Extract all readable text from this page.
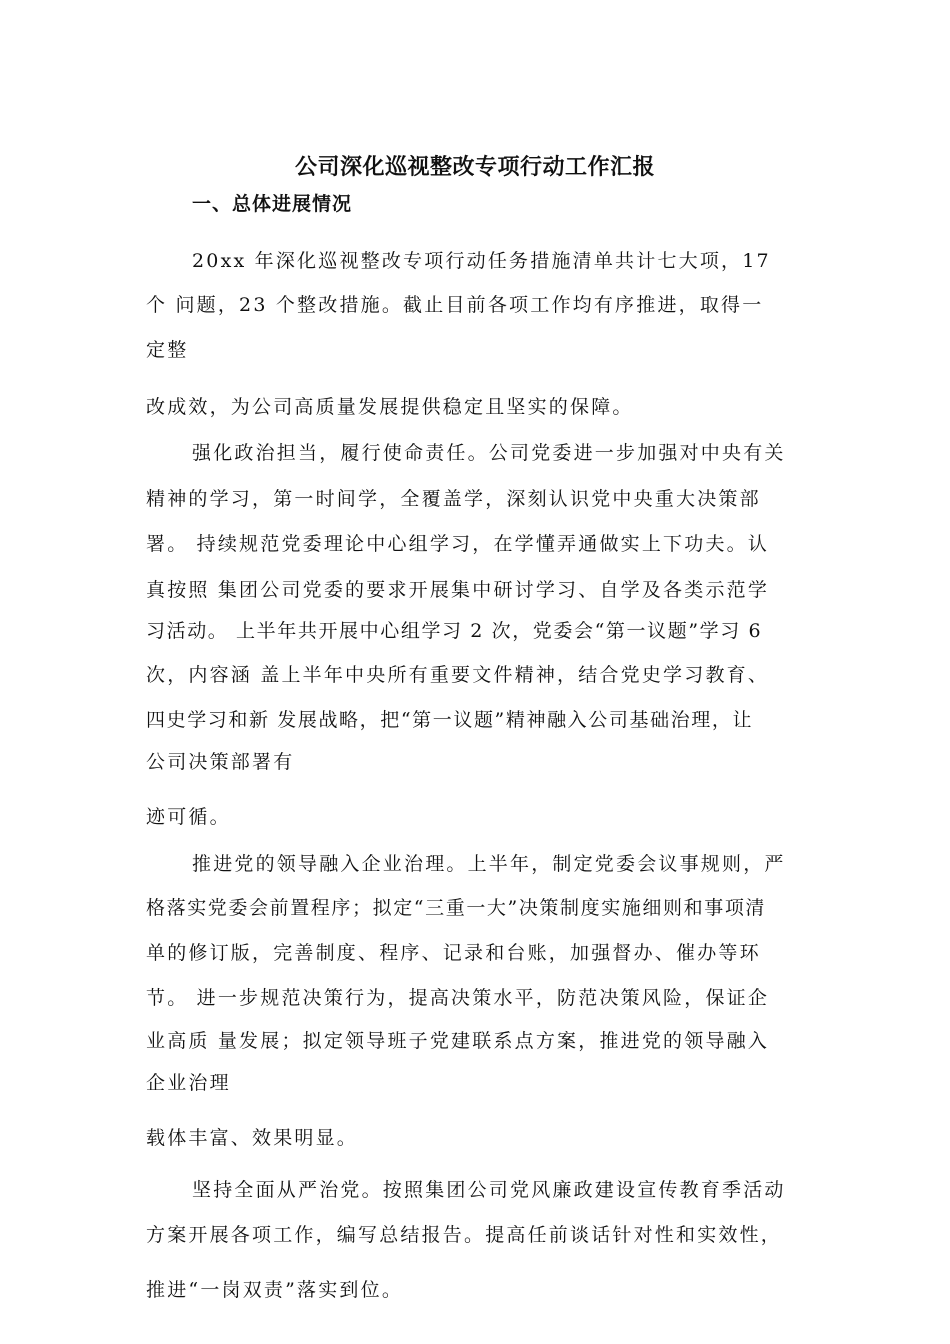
公司深化巡视整改专项行动工作汇报
一、总体进展情况
20xx 年深化巡视整改专项行动任务措施清单共计七大项，17
个 问题，23 个整改措施。截止目前各项工作均有序推进，取得一
定整
改成效，为公司高质量发展提供稳定且坚实的保障。
强化政治担当，履行使命责任。公司党委进一步加强对中央有关
精神的学习，第一时间学，全覆盖学，深刻认识党中央重大决策部
署。 持续规范党委理论中心组学习，在学懂弄通做实上下功夫。认
真按照 集团公司党委的要求开展集中研讨学习、自学及各类示范学
习活动。 上半年共开展中心组学习 2 次，党委会“第一议题”学习 6
次，内容涵 盖上半年中央所有重要文件精神，结合党史学习教育、
四史学习和新 发展战略，把“第一议题”精神融入公司基础治理，让
公司决策部署有
迹可循。
推进党的领导融入企业治理。上半年，制定党委会议事规则，严
格落实党委会前置程序；拟定“三重一大”决策制度实施细则和事项清
单的修订版，完善制度、程序、记录和台账，加强督办、催办等环
节。 进一步规范决策行为，提高决策水平，防范决策风险，保证企
业高质 量发展；拟定领导班子党建联系点方案，推进党的领导融入
企业治理
载体丰富、效果明显。
坚持全面从严治党。按照集团公司党风廉政建设宣传教育季活动
方案开展各项工作，编写总结报告。提高任前谈话针对性和实效性，
推进“一岗双责”落实到位。
